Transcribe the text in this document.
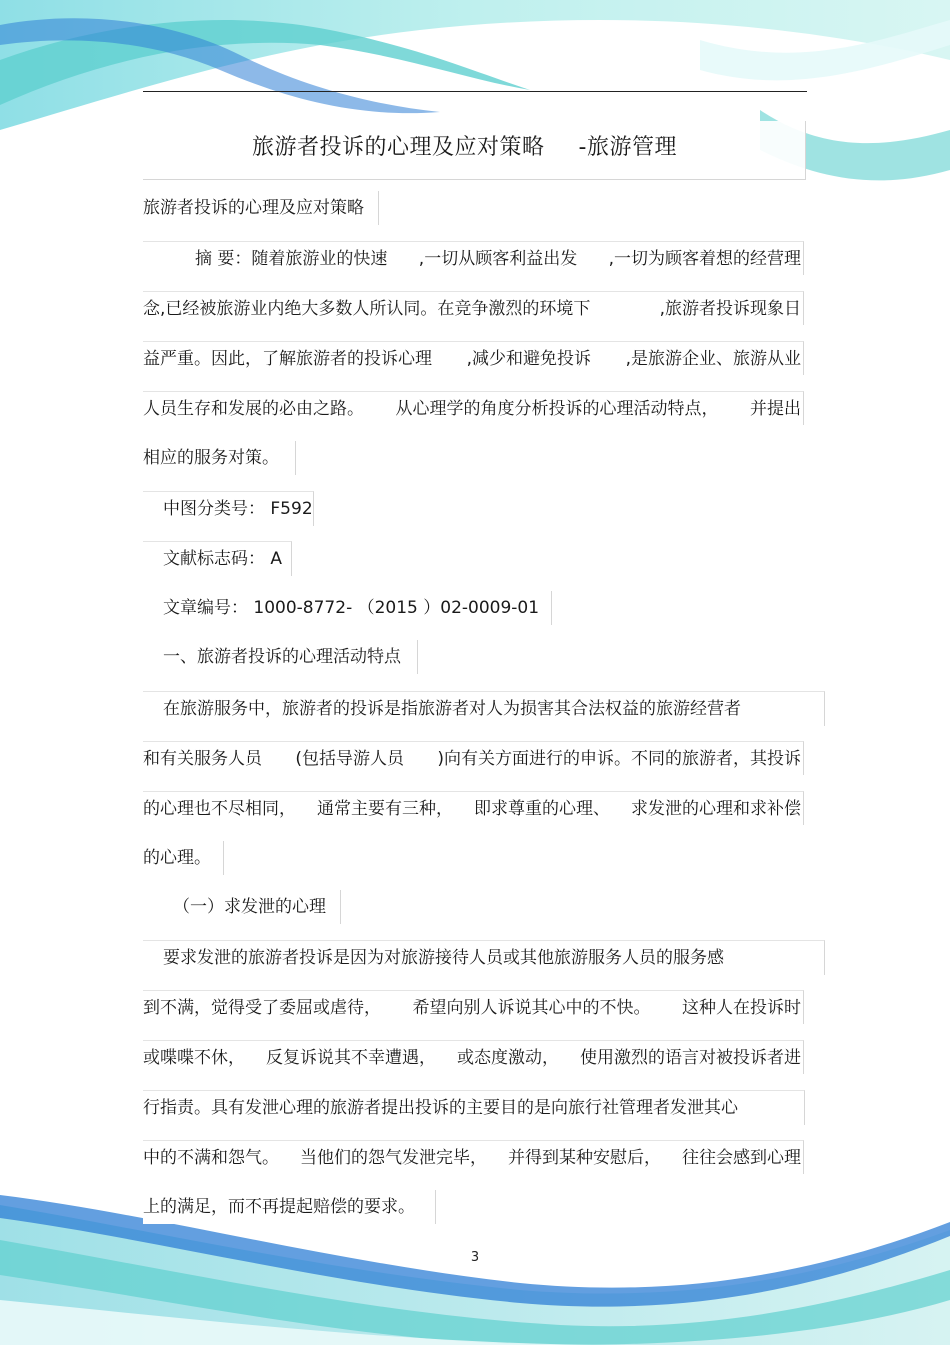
旅游者投诉的心理及应对策略 -旅游管理
旅游者投诉的心理及应对策略
摘 要：随着旅游业的快速 ,一切从顾客利益出发 ,一切为顾客着想的经营理
念,已经被旅游业内绝大多数人所认同。在竞争激烈的环境下	,旅游者投诉现象日
益严重。因此，了解旅游者的投诉心理 ,减少和避免投诉 ,是旅游企业、旅游从业
人员生存和发展的必由之路。 从心理学的角度分析投诉的心理活动特点， 并提出
相应的服务对策。
中图分类号： F592
文献标志码： A
文章编号： 1000-8772- （2015 ）02-0009-01
一、旅游者投诉的心理活动特点
在旅游服务中，旅游者的投诉是指旅游者对人为损害其合法权益的旅游经营者
和有关服务人员 (包括导游人员 )向有关方面进行的申诉。不同的旅游者，其投诉
的心理也不尽相同， 通常主要有三种， 即求尊重的心理、 求发泄的心理和求补偿
的心理。
（一）求发泄的心理
要求发泄的旅游者投诉是因为对旅游接待人员或其他旅游服务人员的服务感
到不满，觉得受了委屈或虐待， 希望向别人诉说其心中的不快。 这种人在投诉时
或喋喋不休， 反复诉说其不幸遭遇， 或态度激动， 使用激烈的语言对被投诉者进
行指责。具有发泄心理的旅游者提出投诉的主要目的是向旅行社管理者发泄其心
中的不满和怨气。 当他们的怨气发泄完毕， 并得到某种安慰后， 往往会感到心理
上的满足，而不再提起赔偿的要求。
3
